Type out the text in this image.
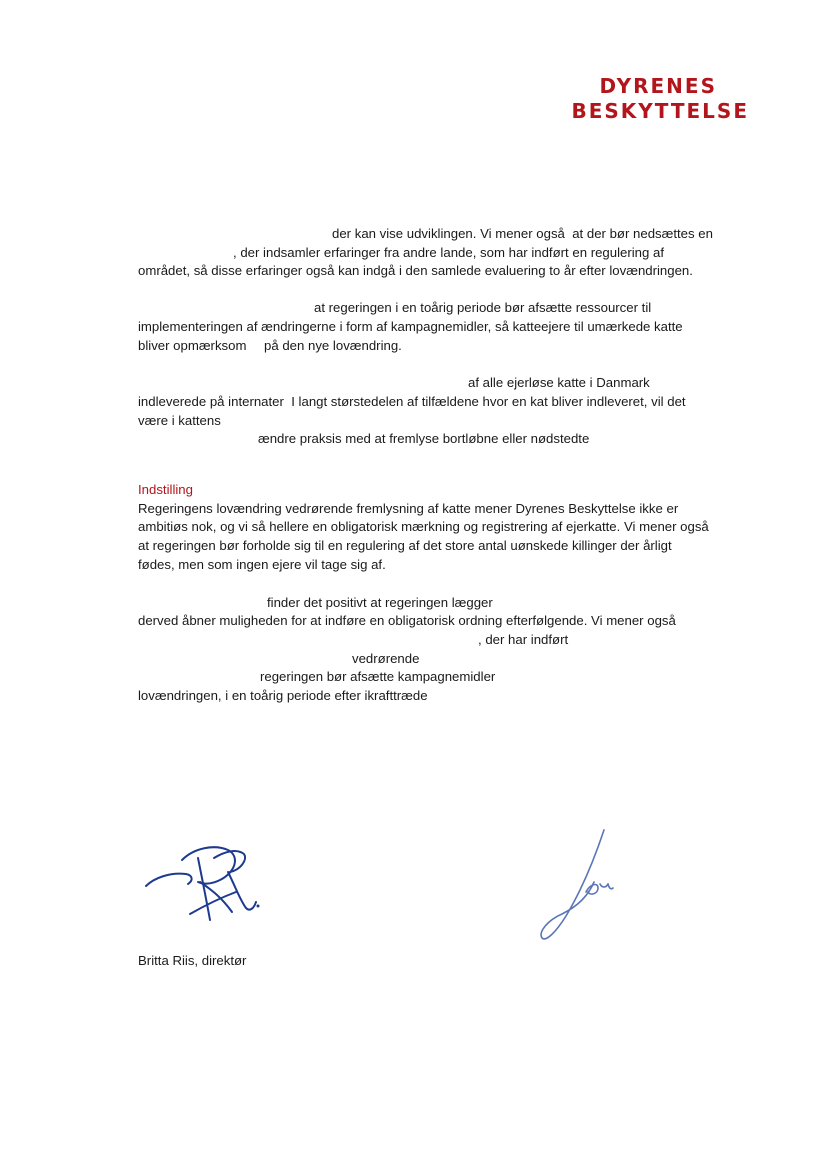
DYRENES
BESKYTTELSE
der kan vise udviklingen. Vi mener også  at der bør nedsættes en
, der indsamler erfaringer fra andre lande, som har indført en regulering af
området, så disse erfaringer også kan indgå i den samlede evaluering to år efter lovændringen.
at regeringen i en toårig periode bør afsætte ressourcer til
implementeringen af ændringerne i form af kampagnemidler, så katteejere til umærkede katte
bliver opmærksom på den nye lovændring.
af alle ejerløse katte i Danmark
indleverede på internater  I langt størstedelen af tilfældene hvor en kat bliver indleveret, vil det
være i kattens
ændre praksis med at fremlyse bortløbne eller nødstedte
Indstilling
Regeringens lovændring vedrørende fremlysning af katte mener Dyrenes Beskyttelse ikke er
ambitiøs nok, og vi så hellere en obligatorisk mærkning og registrering af ejerkatte. Vi mener også
at regeringen bør forholde sig til en regulering af det store antal uønskede killinger der årligt
fødes, men som ingen ejere vil tage sig af.
finder det positivt at regeringen lægger
derved åbner muligheden for at indføre en obligatorisk ordning efterfølgende. Vi mener også
, der har indført
vedrørende
regeringen bør afsætte kampagnemidler
lovændringen, i en toårig periode efter ikrafttræde
Britta Riis, direktør
